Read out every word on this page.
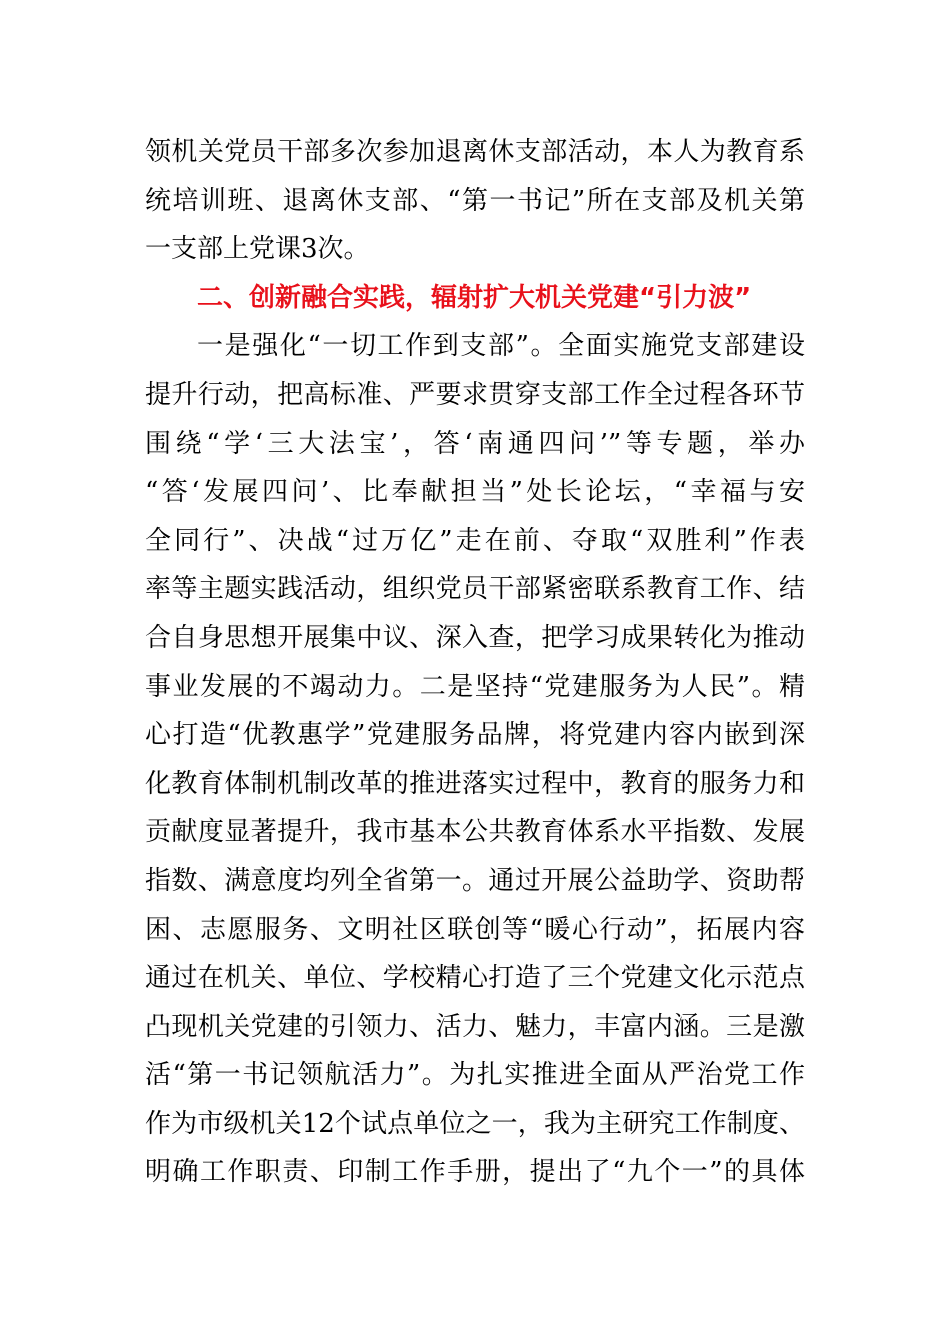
领机关党员干部多次参加退离休支部活动，本人为教育系
统培训班、退离休支部、“第一书记”所在支部及机关第
一支部上党课3次。
二、创新融合实践，辐射扩大机关党建“引力波”
一是强化“一切工作到支部”。全面实施党支部建设
提升行动，把高标准、严要求贯穿支部工作全过程各环节
围绕“学‘三大法宝’，答‘南通四问’”等专题，举办
“答‘发展四问’、比奉献担当”处长论坛，“幸福与安
全同行”、决战“过万亿”走在前、夺取“双胜利”作表
率等主题实践活动，组织党员干部紧密联系教育工作、结
合自身思想开展集中议、深入查，把学习成果转化为推动
事业发展的不竭动力。二是坚持“党建服务为人民”。精
心打造“优教惠学”党建服务品牌，将党建内容内嵌到深
化教育体制机制改革的推进落实过程中，教育的服务力和
贡献度显著提升，我市基本公共教育体系水平指数、发展
指数、满意度均列全省第一。通过开展公益助学、资助帮
困、志愿服务、文明社区联创等“暖心行动”，拓展内容
通过在机关、单位、学校精心打造了三个党建文化示范点
凸现机关党建的引领力、活力、魅力，丰富内涵。三是激
活“第一书记领航活力”。为扎实推进全面从严治党工作
作为市级机关12个试点单位之一，我为主研究工作制度、
明确工作职责、印制工作手册，提出了“九个一”的具体
